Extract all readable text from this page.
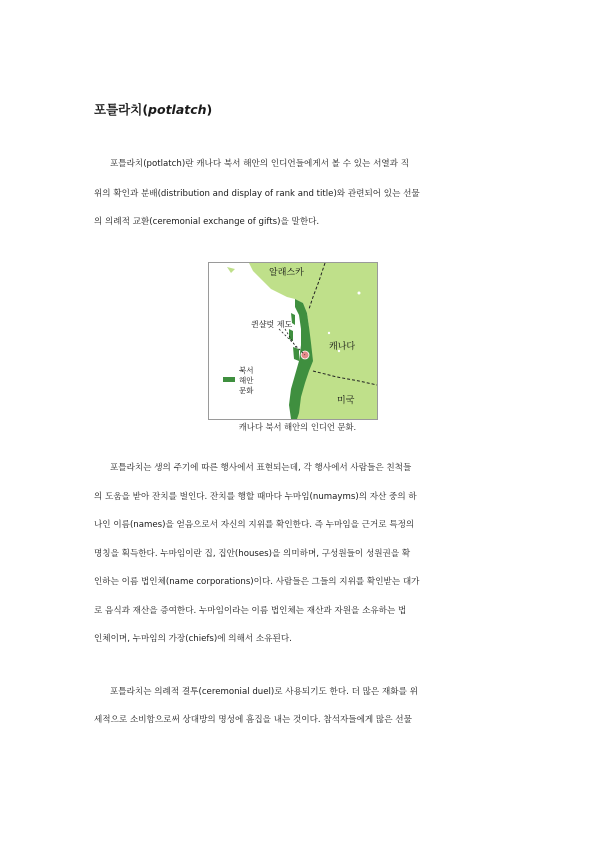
포틀라치(potlatch)
포틀라치(potlatch)란 캐나다 북서 해안의 인디언들에게서 볼 수 있는 서열과 직
위의 확인과 분배(distribution and display of rank and title)와 관련되어 있는 선물
의 의례적 교환(ceremonial exchange of gifts)을 말한다.
알래스카
퀸샬럿 제도
캐나다
미국
북서
해안
문화
캐나다 북서 해안의 인디언 문화.
포틀라치는 생의 주기에 따른 행사에서 표현되는데, 각 행사에서 사람들은 친척들
의 도움을 받아 잔치를 벌인다. 잔치를 행할 때마다 누마임(numayms)의 자산 중의 하
나인 이름(names)을 얻음으로서 자신의 지위를 확인한다. 즉 누마임을 근거로 특정의
명칭을 획득한다. 누마임이란 집, 집안(houses)을 의미하며, 구성원들이 성원권을 확
인하는 이름 법인체(name corporations)이다. 사람들은 그들의 지위를 확인받는 대가
로 음식과 재산을 증여한다. 누마임이라는 이름 법인체는 재산과 자원을 소유하는 법
인체이며, 누마임의 가장(chiefs)에 의해서 소유된다.
포틀라치는 의례적 결투(ceremonial duel)로 사용되기도 한다. 더 많은 재화를 위
세적으로 소비함으로써 상대방의 명성에 흠집을 내는 것이다. 참석자들에게 많은 선물
